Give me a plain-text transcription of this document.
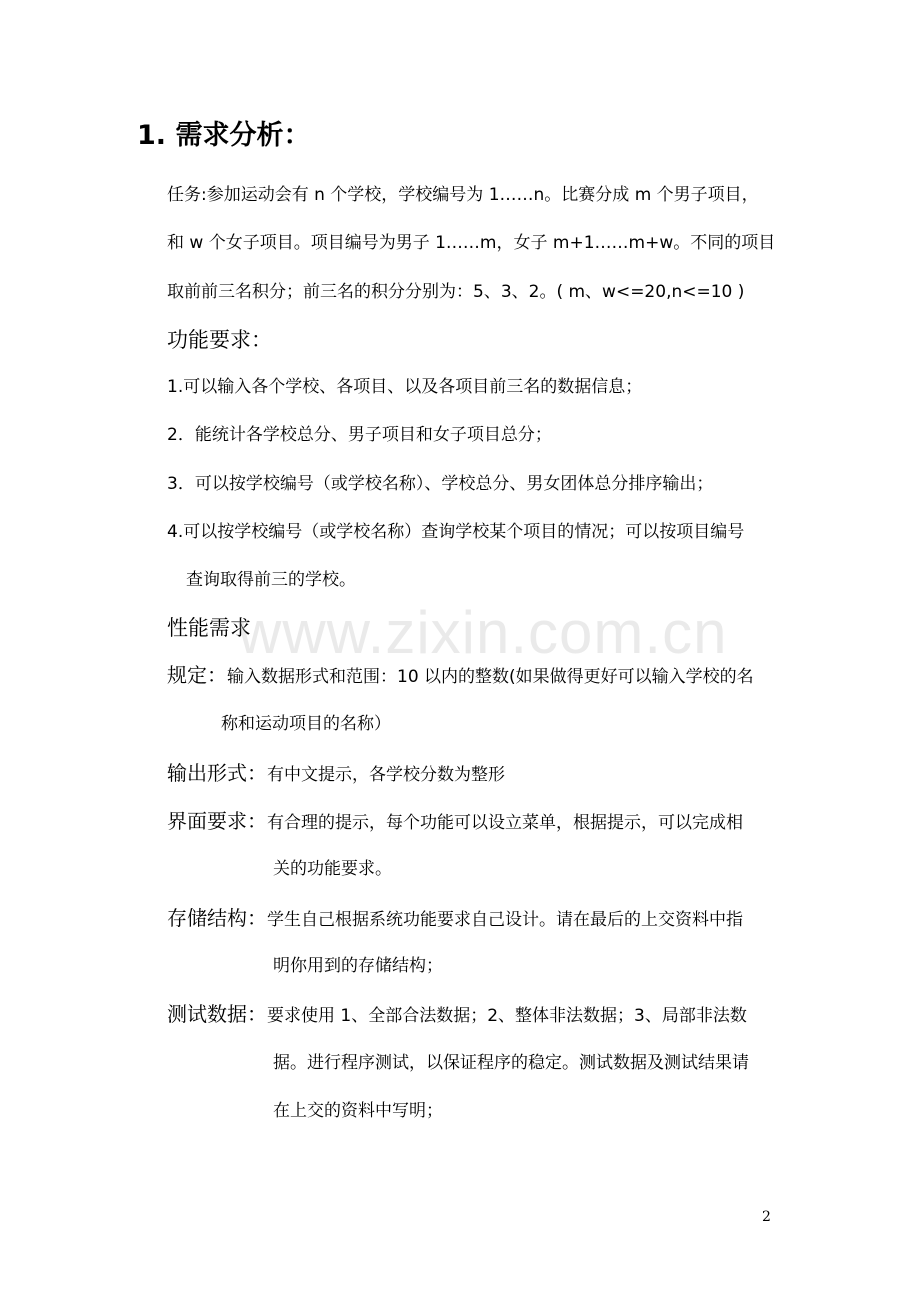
1. 需求分析：
任务:参加运动会有 n 个学校，学校编号为 1……n。比赛分成 m 个男子项目，
和 w 个女子项目。项目编号为男子 1……m，女子 m+1……m+w。不同的项目
取前前三名积分；前三名的积分分别为：5、3、2。( m、w<=20,n<=10 )
功能要求：
1.可以输入各个学校、各项目、以及各项目前三名的数据信息；
2．能统计各学校总分、男子项目和女子项目总分；
3．可以按学校编号（或学校名称）、学校总分、男女团体总分排序输出；
4.可以按学校编号（或学校名称）查询学校某个项目的情况；可以按项目编号
查询取得前三的学校。
性能需求
规定：输入数据形式和范围：10 以内的整数(如果做得更好可以输入学校的名
称和运动项目的名称）
输出形式：有中文提示，各学校分数为整形
界面要求：有合理的提示，每个功能可以设立菜单，根据提示，可以完成相
关的功能要求。
存储结构：学生自己根据系统功能要求自己设计。请在最后的上交资料中指
明你用到的存储结构；
测试数据：要求使用 1、全部合法数据；2、整体非法数据；3、局部非法数
据。进行程序测试，以保证程序的稳定。测试数据及测试结果请
在上交的资料中写明；
www.zixin.com.cn
2
